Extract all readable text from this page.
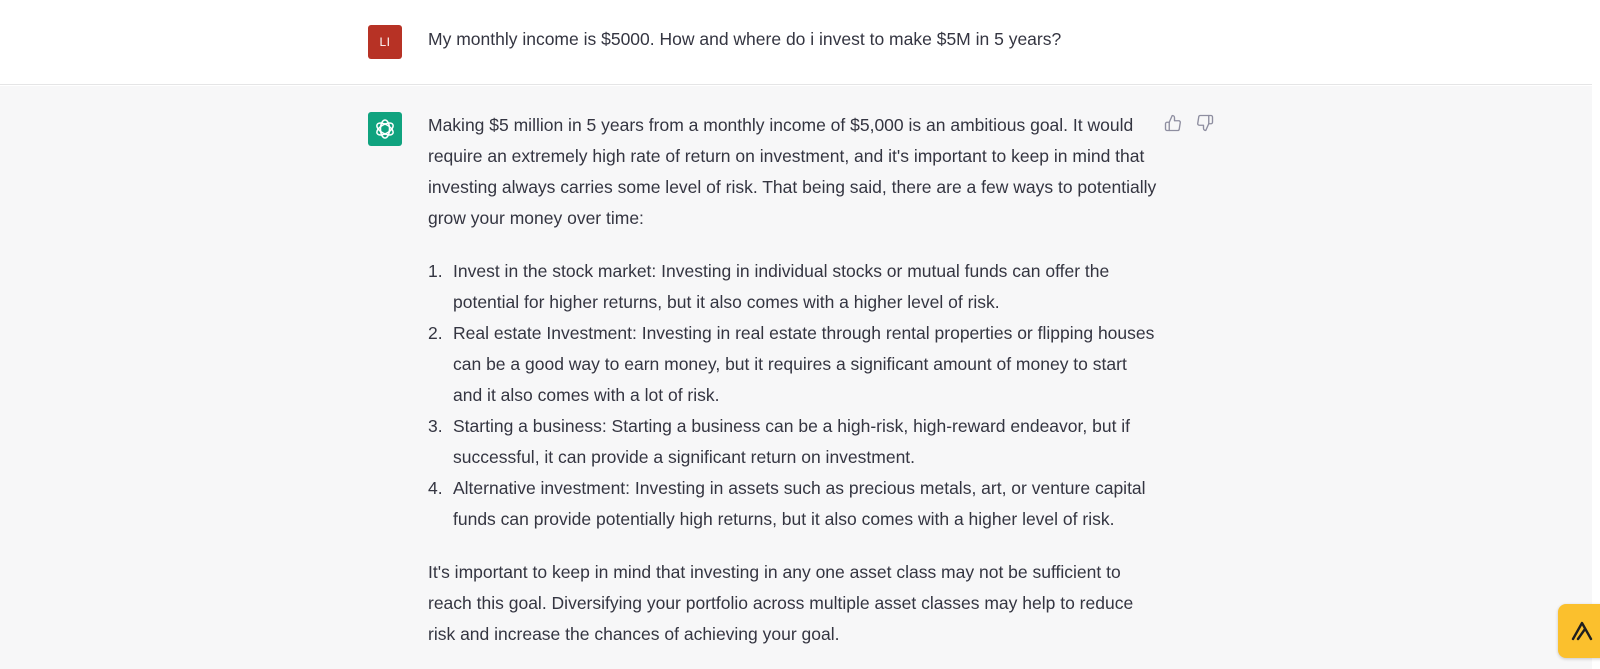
LI My monthly income is $5000. How and where do i invest to make $5M in 5 years?

Making $5 million in 5 years from a monthly income of $5,000 is an ambitious goal. It would require an extremely high rate of return on investment, and it's important to keep in mind that investing always carries some level of risk. That being said, there are a few ways to potentially grow your money over time:

1. Invest in the stock market: Investing in individual stocks or mutual funds can offer the potential for higher returns, but it also comes with a higher level of risk.
2. Real estate Investment: Investing in real estate through rental properties or flipping houses can be a good way to earn money, but it requires a significant amount of money to start and it also comes with a lot of risk.
3. Starting a business: Starting a business can be a high-risk, high-reward endeavor, but if successful, it can provide a significant return on investment.
4. Alternative investment: Investing in assets such as precious metals, art, or venture capital funds can provide potentially high returns, but it also comes with a higher level of risk.

It's important to keep in mind that investing in any one asset class may not be sufficient to reach this goal. Diversifying your portfolio across multiple asset classes may help to reduce risk and increase the chances of achieving your goal.
